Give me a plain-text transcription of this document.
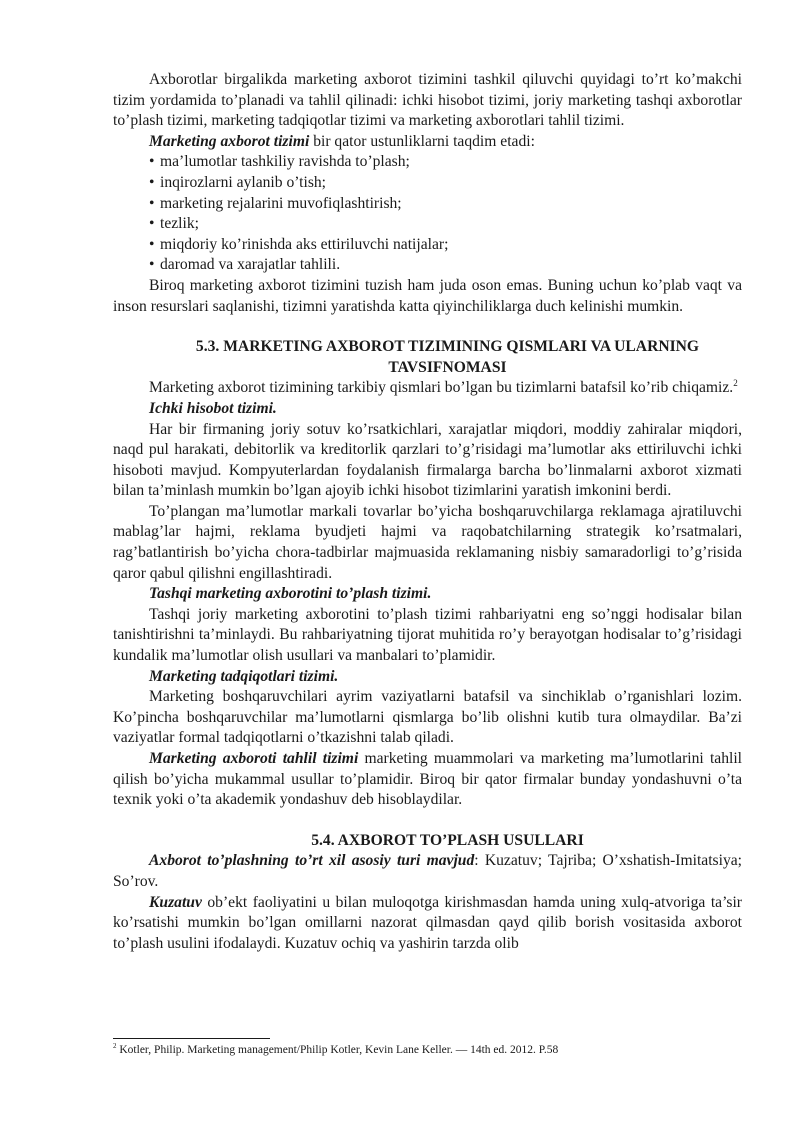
Axborotlar birgalikda marketing axborot tizimini tashkil qiluvchi quyidagi to’rt ko’makchi tizim yordamida to’planadi va tahlil qilinadi: ichki hisobot tizimi, joriy marketing tashqi axborotlar to’plash tizimi, marketing tadqiqotlar tizimi va marketing axborotlari tahlil tizimi.

Marketing axborot tizimi bir qator ustunliklarni taqdim etadi:

• ma’lumotlar tashkiliy ravishda to’plash;
• inqirozlarni aylanib o’tish;
• marketing rejalarini muvofiqlashtirish;
• tezlik;
• miqdoriy ko’rinishda aks ettiriluvchi natijalar;
• daromad va xarajatlar tahlili.

Biroq marketing axborot tizimini tuzish ham juda oson emas. Buning uchun ko’plab vaqt va inson resurslari saqlanishi, tizimni yaratishda katta qiyinchiliklarga duch kelinishi mumkin.

5.3. MARKETING AXBOROT TIZIMINING QISMLARI VA ULARNING
TAVSIFNOMASI

Marketing axborot tizimining tarkibiy qismlari bo’lgan bu tizimlarni batafsil ko’rib chiqamiz.$^2$

Ichki hisobot tizimi.

Har bir firmaning joriy sotuv ko’rsatkichlari, xarajatlar miqdori, moddiy zahiralar miqdori, naqd pul harakati, debitorlik va kreditorlik qarzlari to’g’risidagi ma’lumotlar aks ettiriluvchi ichki hisoboti mavjud. Kompyuterlardan foydalanish firmalarga barcha bo’linmalarni axborot xizmati bilan ta’minlash mumkin bo’lgan ajoyib ichki hisobot tizimlarini yaratish imkonini berdi.

To’plangan ma’lumotlar markali tovarlar bo’yicha boshqaruvchilarga reklamaga ajratiluvchi mablag’lar hajmi, reklama byudjeti hajmi va raqobatchilarning strategik ko’rsatmalari, rag’batlantirish bo’yicha chora-tadbirlar majmuasida reklamaning nisbiy samaradorligi to’g’risida qaror qabul qilishni engillashtiradi.

Tashqi marketing axborotini to’plash tizimi.

Tashqi joriy marketing axborotini to’plash tizimi rahbariyatni eng so’nggi hodisalar bilan tanishtirishni ta’minlaydi. Bu rahbariyatning tijorat muhitida ro’y berayotgan hodisalar to’g’risidagi kundalik ma’lumotlar olish usullari va manbalari to’plamidir.

Marketing tadqiqotlari tizimi.

Marketing boshqaruvchilari ayrim vaziyatlarni batafsil va sinchiklab o’rganishlari lozim. Ko’pincha boshqaruvchilar ma’lumotlarni qismlarga bo’lib olishni kutib tura olmaydilar. Ba’zi vaziyatlar formal tadqiqotlarni o’tkazishni talab qiladi.

Marketing axboroti tahlil tizimi marketing muammolari va marketing ma’lumotlarini tahlil qilish bo’yicha mukammal usullar to’plamidir. Biroq bir qator firmalar bunday yondashuvni o’ta texnik yoki o’ta akademik yondashuv deb hisoblaydilar.

5.4. AXBOROT TO’PLASH USULLARI

Axborot to’plashning to’rt xil asosiy turi mavjud: Kuzatuv; Tajriba; O’xshatish-Imitatsiya; So’rov.

Kuzatuv ob’ekt faoliyatini u bilan muloqotga kirishmasdan hamda uning xulq-atvoriga ta’sir ko’rsatishi mumkin bo’lgan omillarni nazorat qilmasdan qayd qilib borish vositasida axborot to’plash usulini ifodalaydi. Kuzatuv ochiq va yashirin tarzda olib

$^2$ Kotler, Philip. Marketing management/Philip Kotler, Kevin Lane Keller. — 14th ed. 2012. P.58
